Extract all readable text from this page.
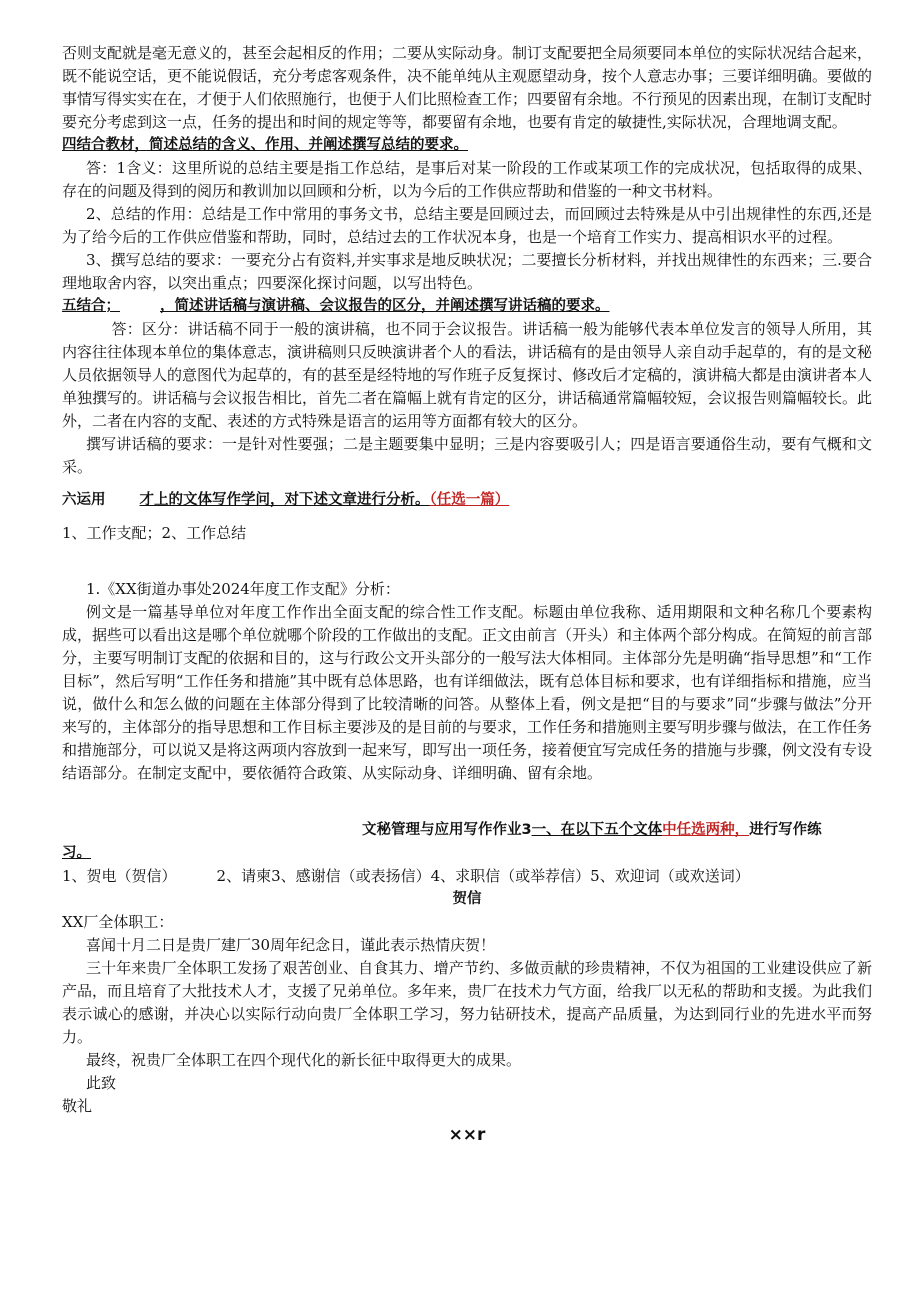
否则支配就是毫无意义的，甚至会起相反的作用；二要从实际动身。制订支配要把全局须要同本单位的实际状况结合起来，既不能说空话，更不能说假话，充分考虑客观条件，决不能单纯从主观愿望动身，按个人意志办事；三要详细明确。要做的事情写得实实在在，才便于人们依照施行，也便于人们比照检查工作；四要留有余地。不行预见的因素出现，在制订支配时要充分考虑到这一点，任务的提出和时间的规定等等，都要留有余地，也要有肯定的敏捷性,实际状况，合理地调支配。

四结合教材，简述总结的含义、作用、并阐述撰写总结的要求。

答：1含义：这里所说的总结主要是指工作总结，是事后对某一阶段的工作或某项工作的完成状况，包括取得的成果、存在的问题及得到的阅历和教训加以回顾和分析，以为今后的工作供应帮助和借鉴的一种文书材料。

2、总结的作用：总结是工作中常用的事务文书，总结主要是回顾过去，而回顾过去特殊是从中引出规律性的东西,还是为了给今后的工作供应借鉴和帮助，同时，总结过去的工作状况本身，也是一个培育工作实力、提高相识水平的过程。

3、撰写总结的要求：一要充分占有资料,并实事求是地反映状况；二要擅长分析材料，并找出规律性的东西来；三.要合理地取舍内容，以突出重点；四要深化探讨问题，以写出特色。

五结合；	，简述讲话稿与演讲稿、会议报告的区分，并阐述撰写讲话稿的要求。

答：区分：讲话稿不同于一般的演讲稿，也不同于会议报告。讲话稿一般为能够代表本单位发言的领导人所用，其内容往往体现本单位的集体意志，演讲稿则只反映演讲者个人的看法，讲话稿有的是由领导人亲自动手起草的，有的是文秘人员依据领导人的意图代为起草的，有的甚至是经特地的写作班子反复探讨、修改后才定稿的，演讲稿大都是由演讲者本人单独撰写的。讲话稿与会议报告相比，首先二者在篇幅上就有肯定的区分，讲话稿通常篇幅较短，会议报告则篇幅较长。此外，二者在内容的支配、表述的方式特殊是语言的运用等方面都有较大的区分。

撰写讲话稿的要求：一是针对性要强；二是主题要集中显明；三是内容要吸引人；四是语言要通俗生动，要有气概和文采。

六运用 才上的文体写作学问，对下述文章进行分析。（任选一篇）

1、工作支配；2、工作总结

1.《XX街道办事处2024年度工作支配》分析：

例文是一篇基导单位对年度工作作出全面支配的综合性工作支配。标题由单位我称、适用期限和文种名称几个要素构成，据些可以看出这是哪个单位就哪个阶段的工作做出的支配。正文由前言（开头）和主体两个部分构成。在简短的前言部分，主要写明制订支配的依据和目的，这与行政公文开头部分的一般写法大体相同。主体部分先是明确“指导思想”和“工作目标”，然后写明“工作任务和措施”其中既有总体思路，也有详细做法，既有总体目标和要求，也有详细指标和措施，应当说，做什么和怎么做的问题在主体部分得到了比较清晰的问答。从整体上看，例文是把“目的与要求”同“步骤与做法”分开来写的，主体部分的指导思想和工作目标主要涉及的是目前的与要求，工作任务和措施则主要写明步骤与做法，在工作任务和措施部分，可以说又是将这两项内容放到一起来写，即写出一项任务，接着便宜写完成任务的措施与步骤，例文没有专设结语部分。在制定支配中，要依循符合政策、从实际动身、详细明确、留有余地。

文秘管理与应用写作作业3一、在以下五个文体中任选两种，进行写作练

习。

1、贺电（贺信）	2、请柬3、感谢信（或表扬信）4、求职信（或举荐信）5、欢迎词（或欢送词）

贺信

XX厂全体职工：

喜闻十月二日是贵厂建厂30周年纪念日，谨此表示热情庆贺！

三十年来贵厂全体职工发扬了艰苦创业、自食其力、增产节约、多做贡献的珍贵精神，不仅为祖国的工业建设供应了新产品，而且培育了大批技术人才，支援了兄弟单位。多年来，贵厂在技术力气方面，给我厂以无私的帮助和支援。为此我们表示诚心的感谢，并决心以实际行动向贵厂全体职工学习，努力钻研技术，提高产品质量，为达到同行业的先进水平而努力。

最终，祝贵厂全体职工在四个现代化的新长征中取得更大的成果。

此致

敬礼

××r
